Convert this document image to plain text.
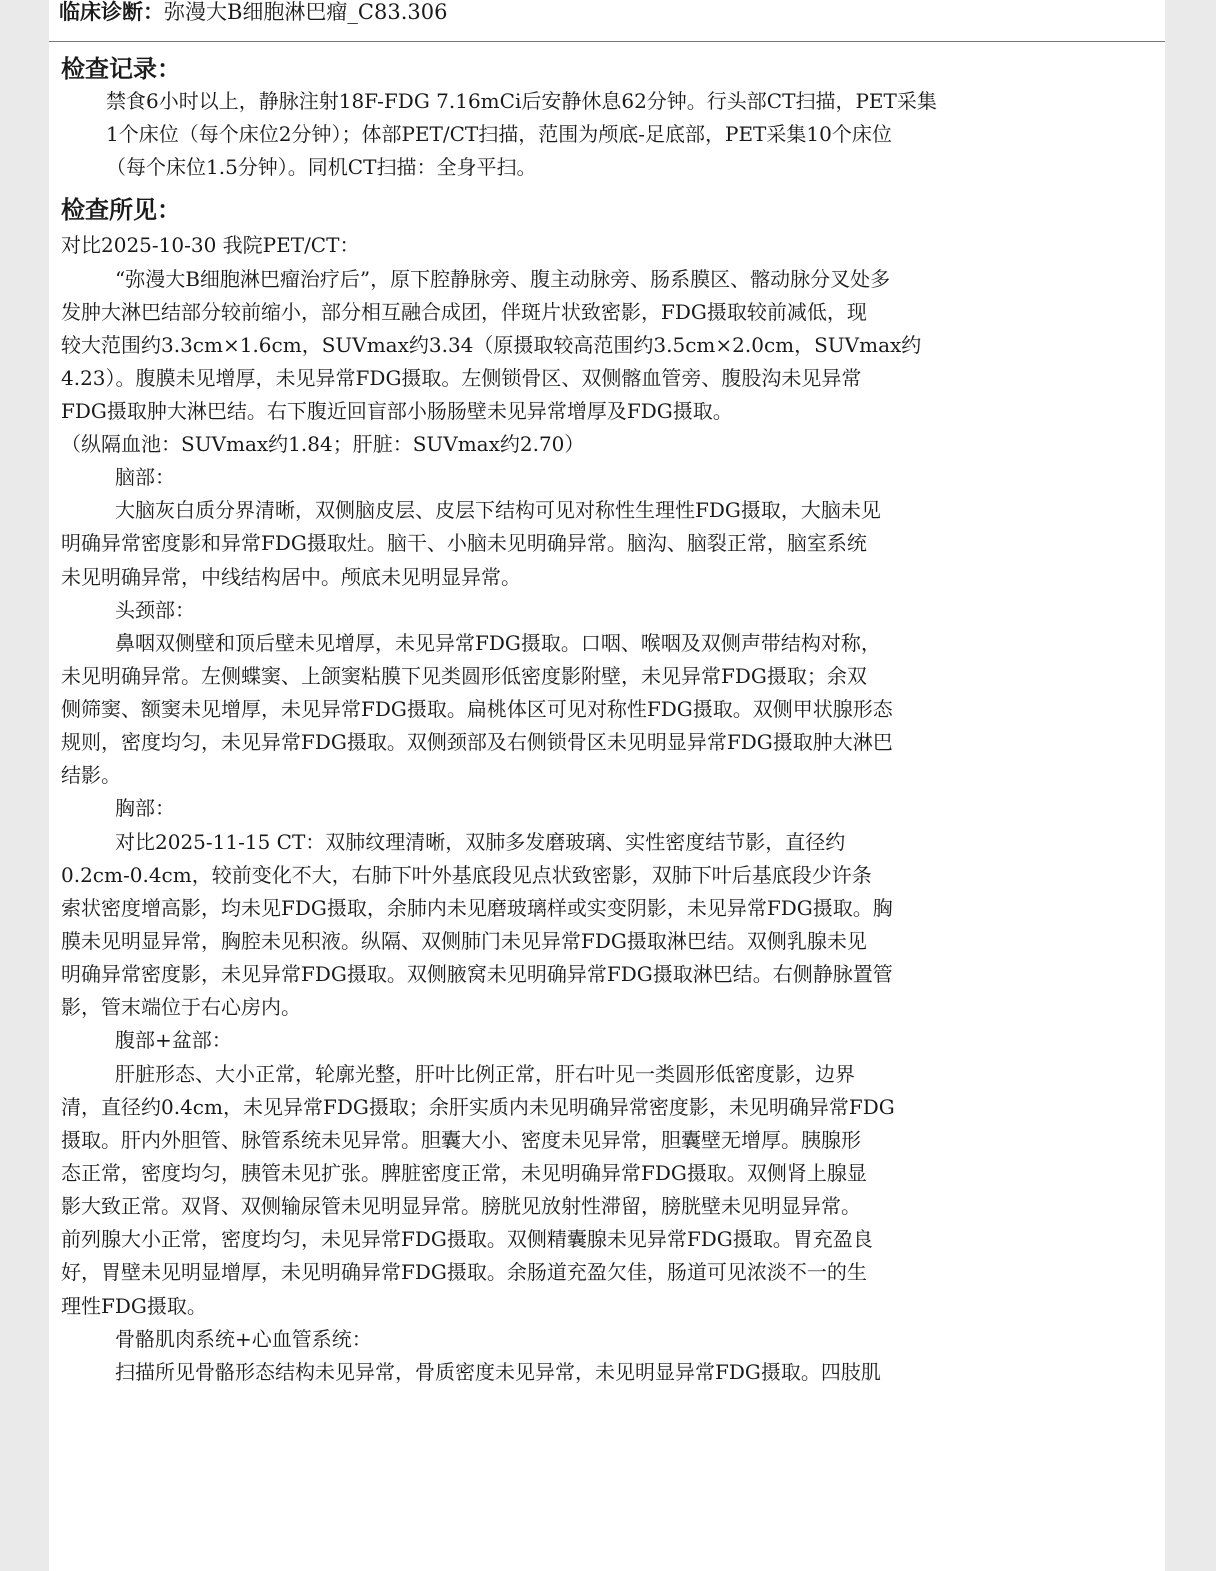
临床诊断：弥漫大B细胞淋巴瘤_C83.306

检查记录：

禁食6小时以上，静脉注射18F-FDG 7.16mCi后安静休息62分钟。行头部CT扫描，PET采集

1个床位（每个床位2分钟）；体部PET/CT扫描，范围为颅底-足底部，PET采集10个床位

（每个床位1.5分钟）。同机CT扫描：全身平扫。

检查所见：

对比2025-10-30 我院PET/CT：

“弥漫大B细胞淋巴瘤治疗后”，原下腔静脉旁、腹主动脉旁、肠系膜区、髂动脉分叉处多

发肿大淋巴结部分较前缩小，部分相互融合成团，伴斑片状致密影，FDG摄取较前减低，现

较大范围约3.3cm×1.6cm，SUVmax约3.34（原摄取较高范围约3.5cm×2.0cm，SUVmax约

4.23）。腹膜未见增厚，未见异常FDG摄取。左侧锁骨区、双侧髂血管旁、腹股沟未见异常

FDG摄取肿大淋巴结。右下腹近回盲部小肠肠壁未见异常增厚及FDG摄取。

（纵隔血池：SUVmax约1.84；肝脏：SUVmax约2.70）

脑部：

大脑灰白质分界清晰，双侧脑皮层、皮层下结构可见对称性生理性FDG摄取，大脑未见

明确异常密度影和异常FDG摄取灶。脑干、小脑未见明确异常。脑沟、脑裂正常，脑室系统

未见明确异常，中线结构居中。颅底未见明显异常。

头颈部：

鼻咽双侧壁和顶后壁未见增厚，未见异常FDG摄取。口咽、喉咽及双侧声带结构对称，

未见明确异常。左侧蝶窦、上颌窦粘膜下见类圆形低密度影附壁，未见异常FDG摄取；余双

侧筛窦、额窦未见增厚，未见异常FDG摄取。扁桃体区可见对称性FDG摄取。双侧甲状腺形态

规则，密度均匀，未见异常FDG摄取。双侧颈部及右侧锁骨区未见明显异常FDG摄取肿大淋巴

结影。

胸部：

对比2025-11-15 CT：双肺纹理清晰，双肺多发磨玻璃、实性密度结节影，直径约

0.2cm-0.4cm，较前变化不大，右肺下叶外基底段见点状致密影，双肺下叶后基底段少许条

索状密度增高影，均未见FDG摄取，余肺内未见磨玻璃样或实变阴影，未见异常FDG摄取。胸

膜未见明显异常，胸腔未见积液。纵隔、双侧肺门未见异常FDG摄取淋巴结。双侧乳腺未见

明确异常密度影，未见异常FDG摄取。双侧腋窝未见明确异常FDG摄取淋巴结。右侧静脉置管

影，管末端位于右心房内。

腹部+盆部：

肝脏形态、大小正常，轮廓光整，肝叶比例正常，肝右叶见一类圆形低密度影，边界

清，直径约0.4cm，未见异常FDG摄取；余肝实质内未见明确异常密度影，未见明确异常FDG

摄取。肝内外胆管、脉管系统未见异常。胆囊大小、密度未见异常，胆囊壁无增厚。胰腺形

态正常，密度均匀，胰管未见扩张。脾脏密度正常，未见明确异常FDG摄取。双侧肾上腺显

影大致正常。双肾、双侧输尿管未见明显异常。膀胱见放射性滞留，膀胱壁未见明显异常。

前列腺大小正常，密度均匀，未见异常FDG摄取。双侧精囊腺未见异常FDG摄取。胃充盈良

好，胃壁未见明显增厚，未见明确异常FDG摄取。余肠道充盈欠佳，肠道可见浓淡不一的生

理性FDG摄取。

骨骼肌肉系统+心血管系统：

扫描所见骨骼形态结构未见异常，骨质密度未见异常，未见明显异常FDG摄取。四肢肌
